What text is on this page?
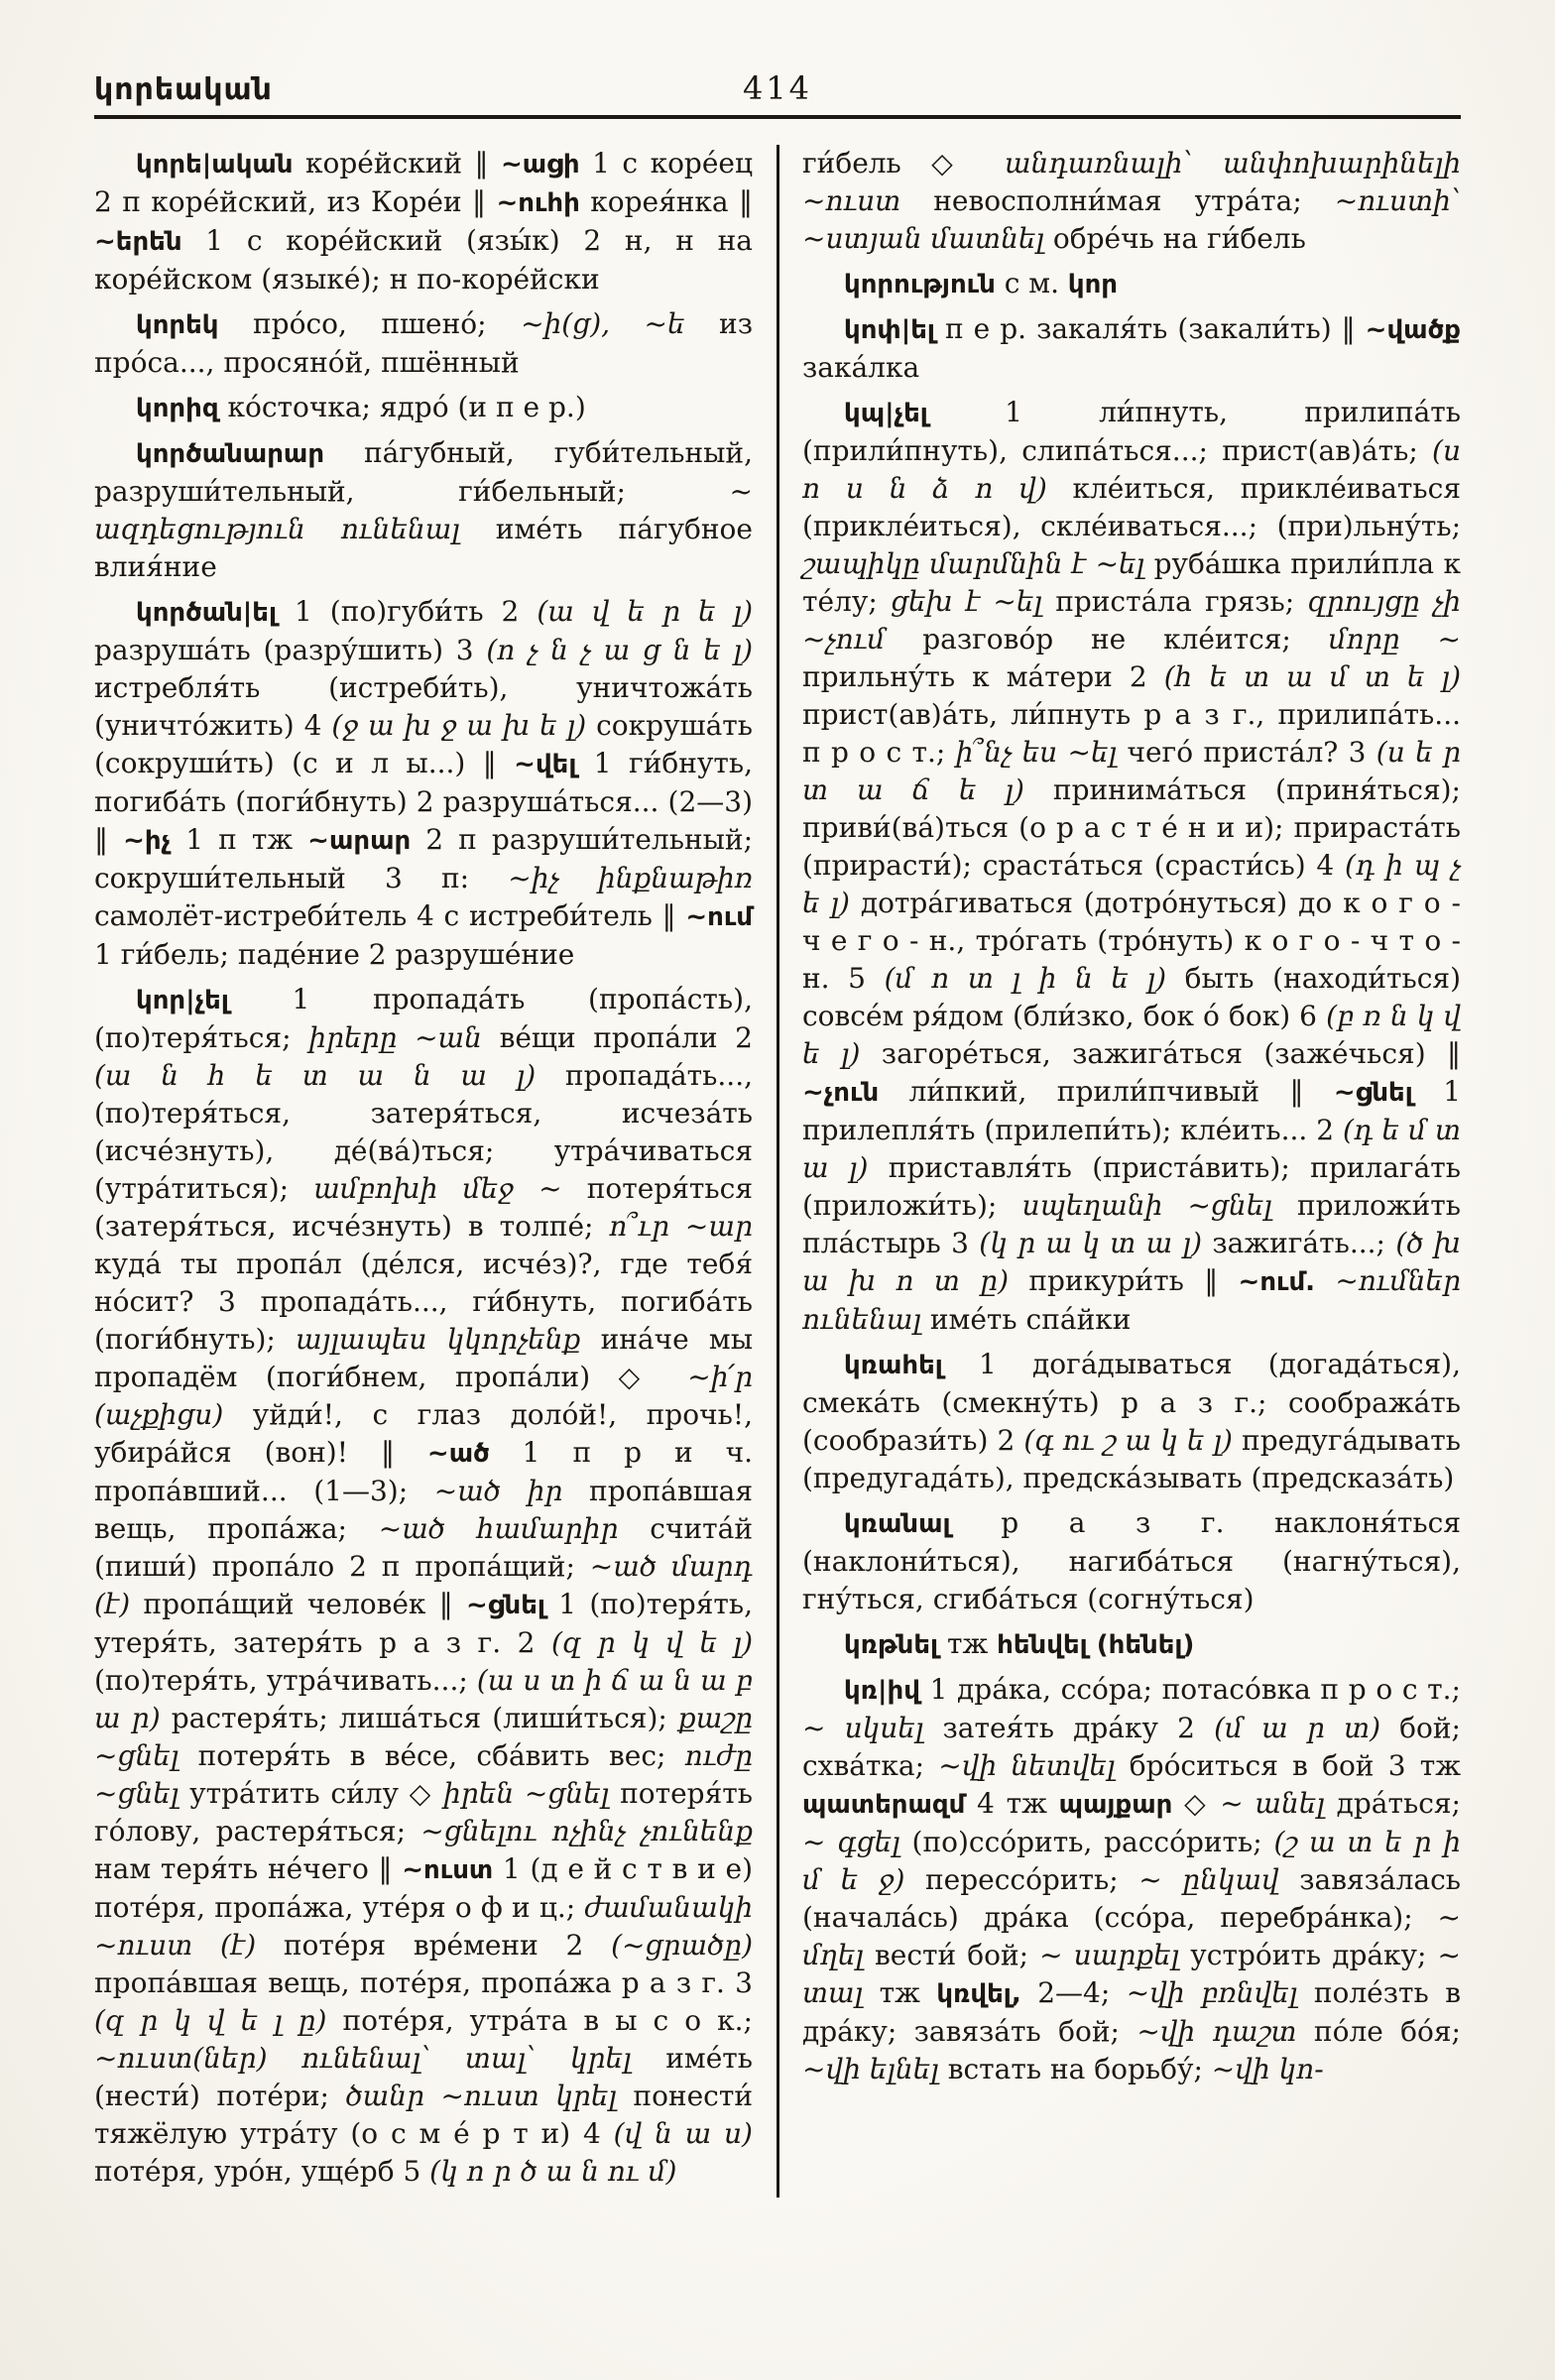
կորեական	414

կորե|ական коре́йский ‖ ~ացի 1 с коре́ец 2 п коре́йский, из Коре́и ‖ ~ուհի корея́нка ‖ ~երեն 1 с коре́йский (язы́к) 2 н, н на коре́йском (языке́); н по-коре́йски

կորեկ про́со, пшено́; ~ի(ց), ~ե из про́са..., просяно́й, пшённый

կորիզ ко́сточка; ядро́ (и п е р.)

կործանարար па́губный, губи́тельный, разруши́тельный, ги́бельный; ~ ազդեցություն ունենալ име́ть па́губное влия́ние

կործան|ել 1 (по)губи́ть 2 (ա վ ե ր ե լ) разруша́ть (разру́шить) 3 (ո չ ն չ ա ց ն ե լ) истребля́ть (истреби́ть), уничтожа́ть (уничто́жить) 4 (ջ ա խ ջ ա խ ե լ) сокруша́ть (сокруши́ть) (с и л ы...) ‖ ~վել 1 ги́бнуть, погиба́ть (поги́бнуть) 2 разруша́ться... (2—3) ‖ ~իչ 1 п тж ~արար 2 п разруши́тельный; сокруши́тельный 3 п: ~իչ ինքնաթիռ самолёт-истреби́тель 4 с истреби́тель ‖ ~ում 1 ги́бель; паде́ние 2 разруше́ние

կոր|չել 1 пропада́ть (пропа́сть), (по)теря́ться; իրերը ~ան ве́щи пропа́ли 2 (ա ն հ ե տ ա ն ա լ) пропада́ть..., (по)теря́ться, затеря́ться, исчеза́ть (исче́знуть), де́(ва́)ться; утра́чиваться (утра́титься); ամբոխի մեջ ~ потеря́ться (затеря́ться, исче́знуть) в толпе́; ո՞ւր ~ար куда́ ты пропа́л (де́лся, исче́з)?, где тебя́ но́сит? 3 пропада́ть..., ги́бнуть, погиба́ть (поги́бнуть); այլապես կկորչենք ина́че мы пропадём (поги́бнем, пропа́ли) ◇ ~ի՛ր (աչքիցս) уйди́!, с глаз доло́й!, прочь!, убира́йся (вон)! ‖ ~ած 1 п р и ч. пропа́вший... (1—3); ~ած իր пропа́вшая вещь, пропа́жа; ~ած համարիր счита́й (пиши́) пропа́ло 2 п пропа́щий; ~ած մարդ (է) пропа́щий челове́к ‖ ~ցնել 1 (по)теря́ть, утеря́ть, затеря́ть р а з г. 2 (զ ր կ վ ե լ) (по)теря́ть, утра́чивать...; (ա ս տ ի ճ ա ն ա բ ա ր) растеря́ть; лиша́ться (лиши́ться); քաշը ~ցնել потеря́ть в ве́се, сба́вить вес; ուժը ~ցնել утра́тить си́лу ◇ իրեն ~ցնել потеря́ть го́лову, растеря́ться; ~ցնելու ոչինչ չունենք нам теря́ть не́чего ‖ ~ուստ 1 (д е й с т в и е) поте́ря, пропа́жа, уте́ря о ф и ц.; ժամանակի ~ուստ (է) поте́ря вре́мени 2 (~ցրածը) пропа́вшая вещь, поте́ря, пропа́жа р а з г. 3 (զ ր կ վ ե լ ը) поте́ря, утра́та в ы с о к.; ~ուստ(ներ) ունենալ՝ տալ՝ կրել име́ть (нести́) поте́ри; ծանր ~ուստ կրել понести́ тяжёлую утра́ту (о с м е́ р т и) 4 (վ ն ա ս) поте́ря, уро́н, уще́рб 5 (կ ո ր ծ ա ն ու մ)

ги́бель ◇ անդառնալի՝ անփոխարինելի ~ուստ невосполни́мая утра́та; ~ուստի՝ ~ստյան մատնել обре́чь на ги́бель

կորություն с м. կոր

կոփ|ել п е р. закаля́ть (закали́ть) ‖ ~վածք зака́лка

կպ|չել 1 ли́пнуть, прилипа́ть (прили́пнуть), слипа́ться...; прист(ав)а́ть; (ս ո ս ն ձ ո վ) кле́иться, прикле́иваться (прикле́иться), скле́иваться...; (при)льну́ть; շապիկը մարմնին է ~ել руба́шка прили́пла к те́лу; ցեխ է ~ել приста́ла грязь; զրույցը չի ~չում разгово́р не кле́ится; մորը ~ прильну́ть к ма́тери 2 (հ ե տ ա մ տ ե լ) прист(ав)а́ть, ли́пнуть р а з г., прилипа́ть... п р о с т.; ի՞նչ ես ~ել чего́ приста́л? 3 (ս ե ր տ ա ճ ե լ) принима́ться (приня́ться); приви́(ва́)ться (о р а с т е́ н и и); прираста́ть (прирасти́); сраста́ться (срасти́сь) 4 (դ ի պ չ ե լ) дотра́гиваться (дотро́нуться) до к о г о - ч е г о - н., тро́гать (тро́нуть) к о г о - ч т о - н. 5 (մ ո տ լ ի ն ե լ) быть (находи́ться) совсе́м ря́дом (бли́зко, бок о́ бок) 6 (բ ռ ն կ վ ե լ) загоре́ться, зажига́ться (заже́чься) ‖ ~չուն ли́пкий, прили́пчивый ‖ ~ցնել 1 прилепля́ть (прилепи́ть); кле́ить... 2 (դ ե մ տ ա լ) приставля́ть (приста́вить); прилага́ть (приложи́ть); սպեղանի ~ցնել приложи́ть пла́стырь 3 (կ ր ա կ տ ա լ) зажига́ть...; (ծ խ ա խ ո տ ը) прикури́ть ‖ ~ում. ~ումներ ունենալ име́ть спа́йки

կռահել 1 дога́дываться (догада́ться), смека́ть (смекну́ть) р а з г.; сообража́ть (сообрази́ть) 2 (գ ու շ ա կ ե լ) предуга́дывать (предугада́ть), предска́зывать (предсказа́ть)

կռանալ р а з г. наклоня́ться (наклони́ться), нагиба́ться (нагну́ться), гну́ться, сгиба́ться (согну́ться)

կռթնել тж հենվել (հենել)

կռ|իվ 1 дра́ка, ссо́ра; потасо́вка п р о с т.; ~ սկսել затея́ть дра́ку 2 (մ ա ր տ) бой; схва́тка; ~վի նետվել бро́ситься в бой 3 тж պատերազմ 4 тж պայքար ◇ ~ անել дра́ться; ~ գցել (по)ссо́рить, рассо́рить; (շ ա տ ե ր ի մ ե ջ) перессо́рить; ~ ընկավ завяза́лась (начала́сь) дра́ка (ссо́ра, перебра́нка); ~ մղել вести́ бой; ~ սարքել устро́ить дра́ку; ~ տալ тж կռվել, 2—4; ~վի բռնվել поле́зть в дра́ку; завяза́ть бой; ~վի դաշտ по́ле бо́я; ~վի ելնել встать на борьбу́; ~վի կո-
